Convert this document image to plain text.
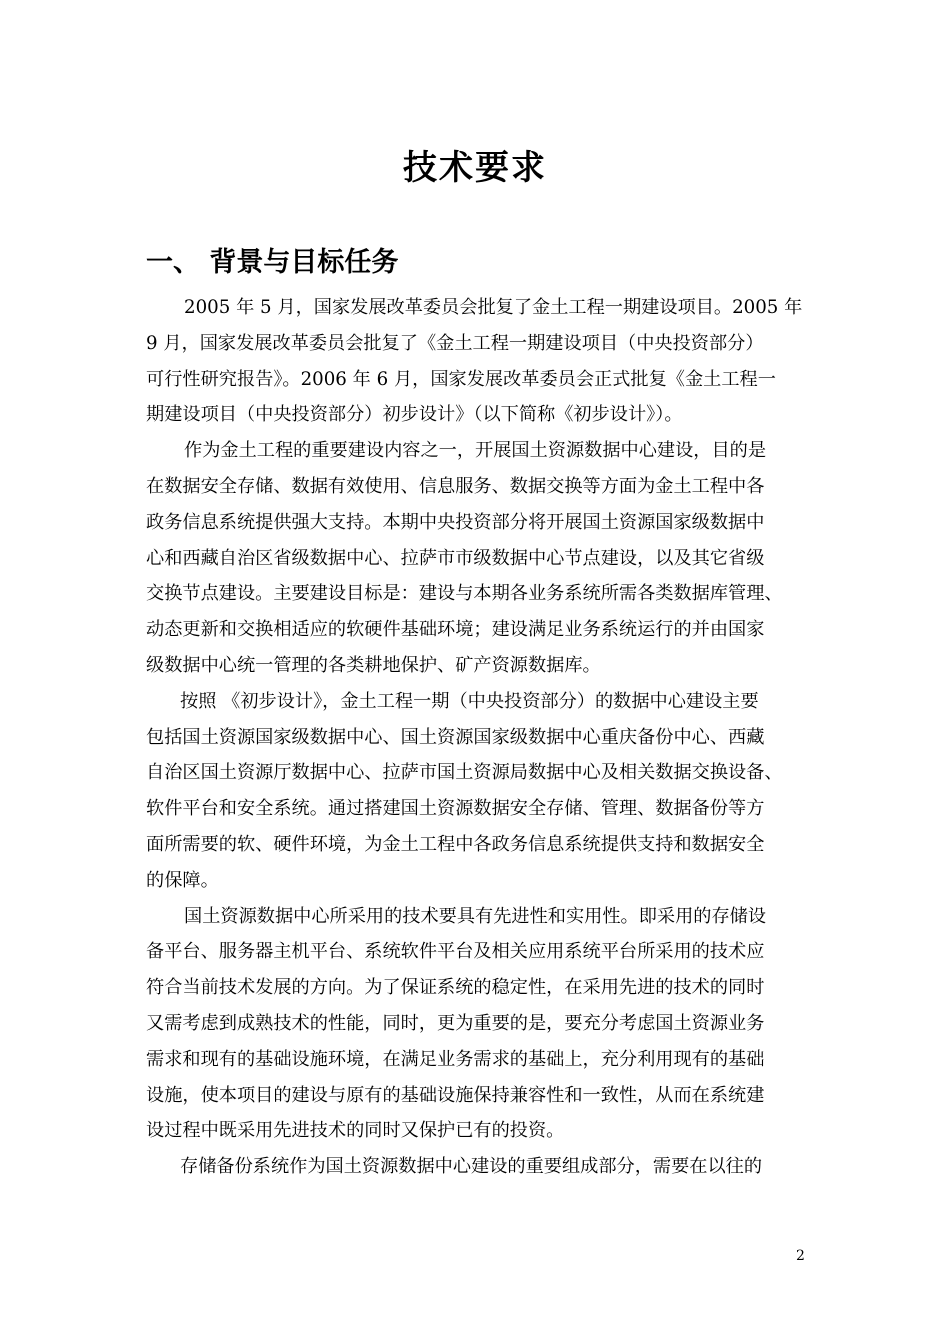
技术要求
一、 背景与目标任务
2005 年 5 月，国家发展改革委员会批复了金土工程一期建设项目。2005 年
9 月，国家发展改革委员会批复了《金土工程一期建设项目（中央投资部分）
可行性研究报告》。2006 年 6 月，国家发展改革委员会正式批复《金土工程一
期建设项目（中央投资部分）初步设计》（以下简称《初步设计》）。
作为金土工程的重要建设内容之一，开展国土资源数据中心建设，目的是
在数据安全存储、数据有效使用、信息服务、数据交换等方面为金土工程中各
政务信息系统提供强大支持。本期中央投资部分将开展国土资源国家级数据中
心和西藏自治区省级数据中心、拉萨市市级数据中心节点建设，以及其它省级
交换节点建设。主要建设目标是：建设与本期各业务系统所需各类数据库管理、
动态更新和交换相适应的软硬件基础环境；建设满足业务系统运行的并由国家
级数据中心统一管理的各类耕地保护、矿产资源数据库。
按照 《初步设计》，金土工程一期（中央投资部分）的数据中心建设主要
包括国土资源国家级数据中心、国土资源国家级数据中心重庆备份中心、西藏
自治区国土资源厅数据中心、拉萨市国土资源局数据中心及相关数据交换设备、
软件平台和安全系统。通过搭建国土资源数据安全存储、管理、数据备份等方
面所需要的软、硬件环境，为金土工程中各政务信息系统提供支持和数据安全
的保障。
国土资源数据中心所采用的技术要具有先进性和实用性。即采用的存储设
备平台、服务器主机平台、系统软件平台及相关应用系统平台所采用的技术应
符合当前技术发展的方向。为了保证系统的稳定性，在采用先进的技术的同时
又需考虑到成熟技术的性能，同时，更为重要的是，要充分考虑国土资源业务
需求和现有的基础设施环境，在满足业务需求的基础上，充分利用现有的基础
设施，使本项目的建设与原有的基础设施保持兼容性和一致性，从而在系统建
设过程中既采用先进技术的同时又保护已有的投资。
存储备份系统作为国土资源数据中心建设的重要组成部分，需要在以往的
2
